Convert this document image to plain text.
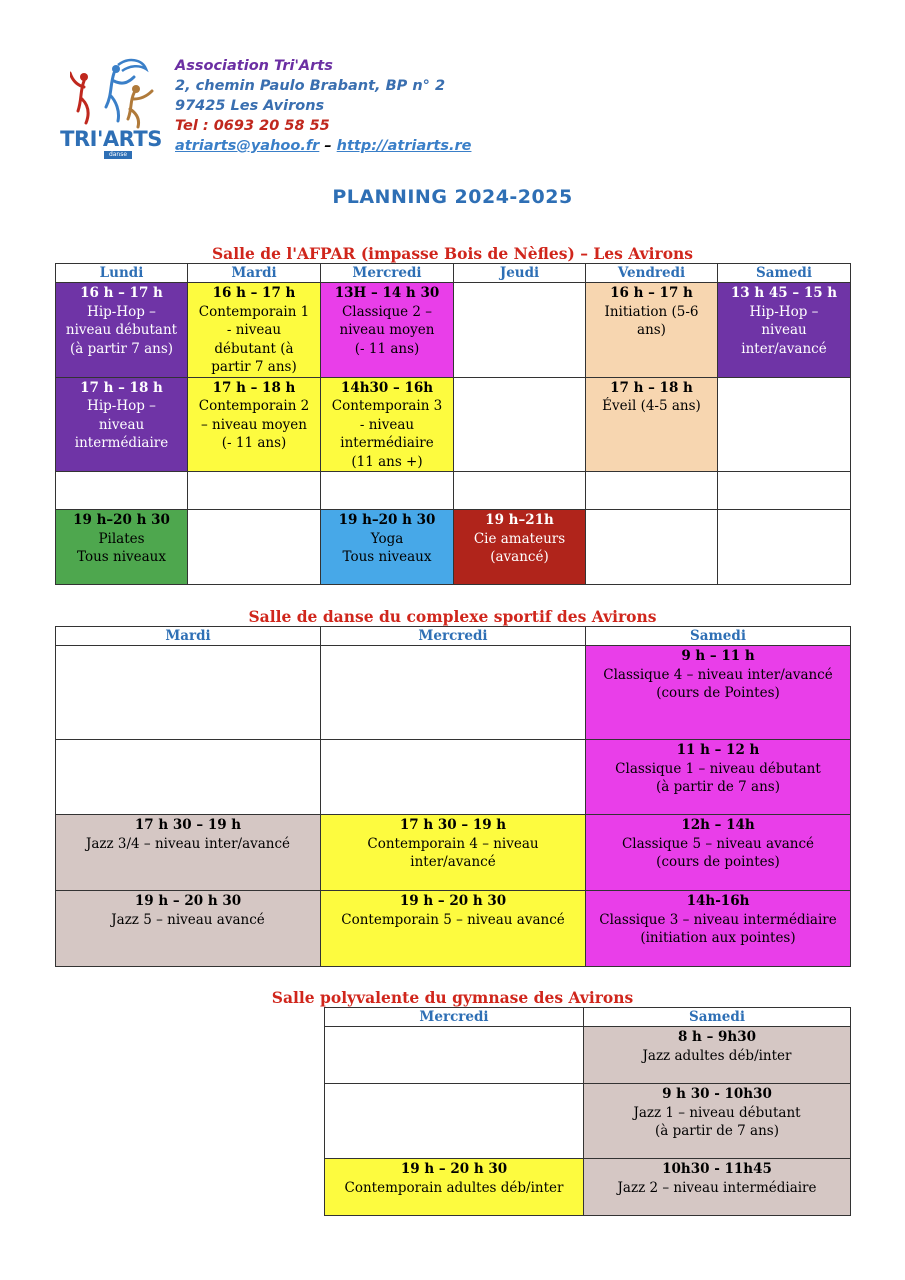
TRI'ARTS
danse
Association Tri'Arts
2, chemin Paulo Brabant, BP n° 2
97425 Les Avirons
Tel : 0693 20 58 55
atriarts@yahoo.fr – http://atriarts.re
PLANNING 2024-2025
Salle de l'AFPAR (impasse Bois de Nèfles) – Les Avirons
Lundi	Mardi	Mercredi	Jeudi	Vendredi	Samedi

16 h – 17 h
Hip-Hop –
niveau débutant
(à partir 7 ans)	16 h – 17 h
Contemporain 1
- niveau
débutant (à
partir 7 ans)	13H – 14 h 30
Classique 2 –
niveau moyen
(- 11 ans)		16 h – 17 h
Initiation (5-6
ans)	13 h 45 – 15 h
Hip-Hop –
niveau
inter/avancé

17 h – 18 h
Hip-Hop –
niveau
intermédiaire	17 h – 18 h
Contemporain 2
– niveau moyen
(- 11 ans)	14h30 – 16h
Contemporain 3
- niveau
intermédiaire
(11 ans +)		17 h – 18 h
Éveil (4-5 ans)	

19 h–20 h 30
Pilates
Tous niveaux		19 h–20 h 30
Yoga
Tous niveaux	19 h–21h
Cie amateurs
(avancé)		

Salle de danse du complexe sportif des Avirons
Mardi	Mercredi	Samedi

		9 h – 11 h
Classique 4 – niveau inter/avancé
(cours de Pointes)

		11 h – 12 h
Classique 1 – niveau débutant
(à partir de 7 ans)

17 h 30 – 19 h
Jazz 3/4 – niveau inter/avancé	17 h 30 – 19 h
Contemporain 4 – niveau
inter/avancé	12h – 14h
Classique 5 – niveau avancé
(cours de pointes)

19 h – 20 h 30
Jazz 5 – niveau avancé	19 h – 20 h 30
Contemporain 5 – niveau avancé	14h-16h
Classique 3 – niveau intermédiaire
(initiation aux pointes)
Salle polyvalente du gymnase des Avirons
Mercredi	Samedi

	8 h – 9h30
Jazz adultes déb/inter

	9 h 30 - 10h30
Jazz 1 – niveau débutant
(à partir de 7 ans)

19 h – 20 h 30
Contemporain adultes déb/inter	10h30 - 11h45
Jazz 2 – niveau intermédiaire
